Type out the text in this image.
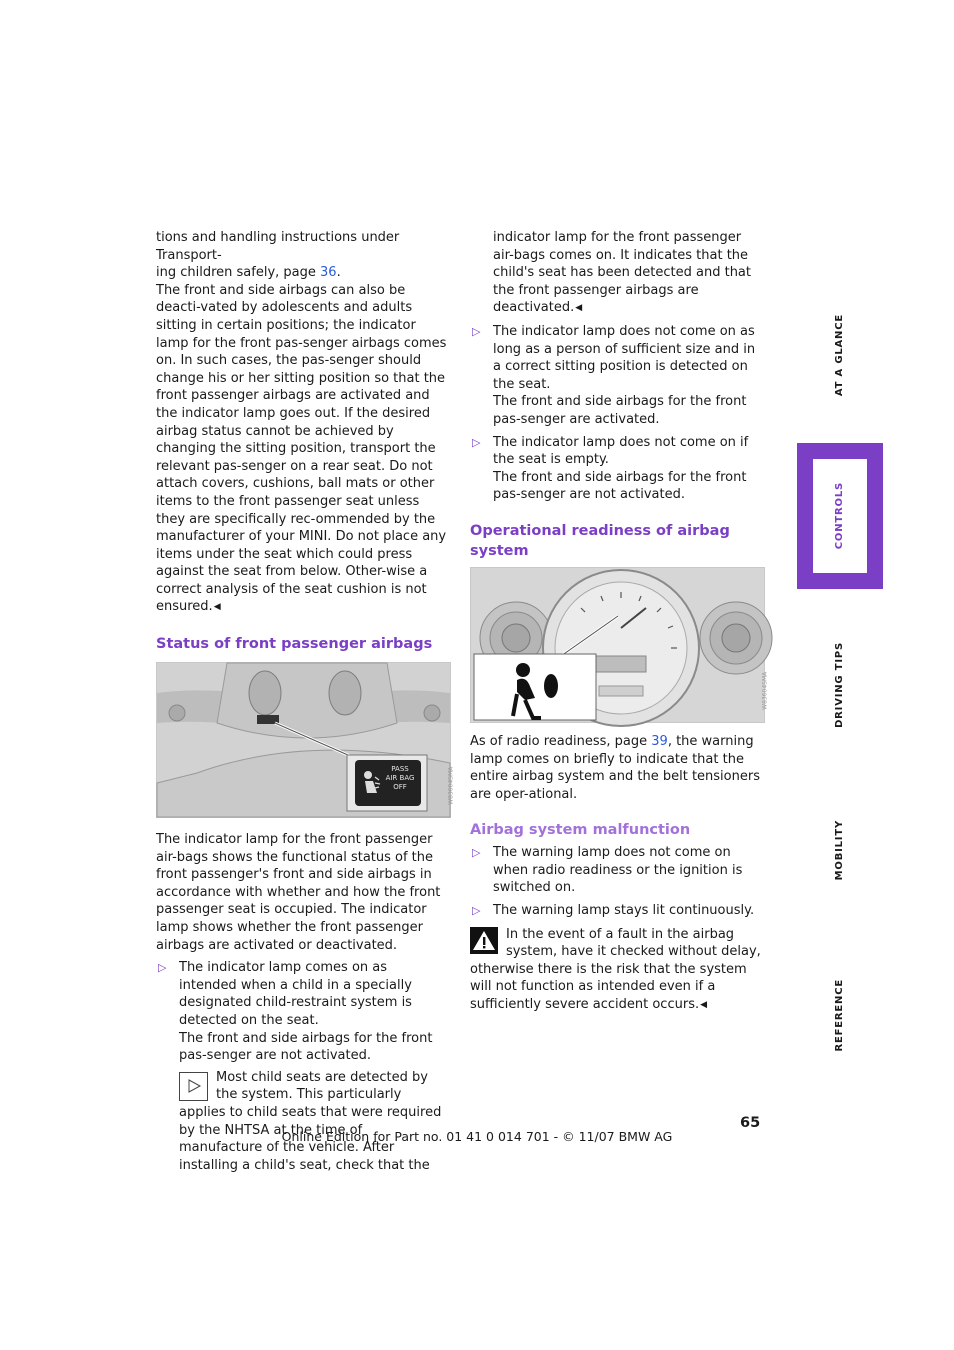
tions and handling instructions under Transport-
ing children safely, page 36.

The front and side airbags can also be deacti-vated by adolescents and adults sitting in certain positions; the indicator lamp for the front pas-senger airbags comes on. In such cases, the pas-senger should change his or her sitting position so that the front passenger airbags are activated and the indicator lamp goes out. If the desired airbag status cannot be achieved by changing the sitting position, transport the relevant pas-senger on a rear seat. Do not attach covers, cushions, ball mats or other items to the front passenger seat unless they are specifically rec-ommended by the manufacturer of your MINI. Do not place any items under the seat which could press against the seat from below. Other-wise a correct analysis of the seat cushion is not ensured. ◀

Status of front passenger airbags
PASS
AIR BAG
OFF	W83604SMA

The indicator lamp for the front passenger air-bags shows the functional status of the front passenger's front and side airbags in accordance with whether and how the front passenger seat is occupied. The indicator lamp shows whether the front passenger airbags are activated or deactivated.

▷ The indicator lamp comes on as intended when a child in a specially designated child-restraint system is detected on the seat.

The front and side airbags for the front pas-senger are not activated.

Most child seats are detected by the system. This particularly applies to child seats that were required by the NHTSA at the time of manufacture of the vehicle. After installing a child's seat, check that the

indicator lamp for the front passenger air-bags comes on. It indicates that the child's seat has been detected and that the front passenger airbags are deactivated. ◀

▷ The indicator lamp does not come on as long as a person of sufficient size and in a correct sitting position is detected on the seat.

The front and side airbags for the front pas-senger are activated.

▷ The indicator lamp does not come on if the seat is empty.

The front and side airbags for the front pas-senger are not activated.

Operational readiness of airbag system
W83604SMA

As of radio readiness, page 39, the warning lamp comes on briefly to indicate that the entire airbag system and the belt tensioners are oper-ational.

Airbag system malfunction
▷ The warning lamp does not come on when radio readiness or the ignition is switched on.

▷ The warning lamp stays lit continuously.

In the event of a fault in the airbag system, have it checked without delay, otherwise there is the risk that the system will not function as intended even if a sufficiently severe accident occurs. ◀

AT A GLANCE
CONTROLS
DRIVING TIPS
MOBILITY
REFERENCE
65
Online Edition for Part no. 01 41 0 014 701 - © 11/07 BMW AG
